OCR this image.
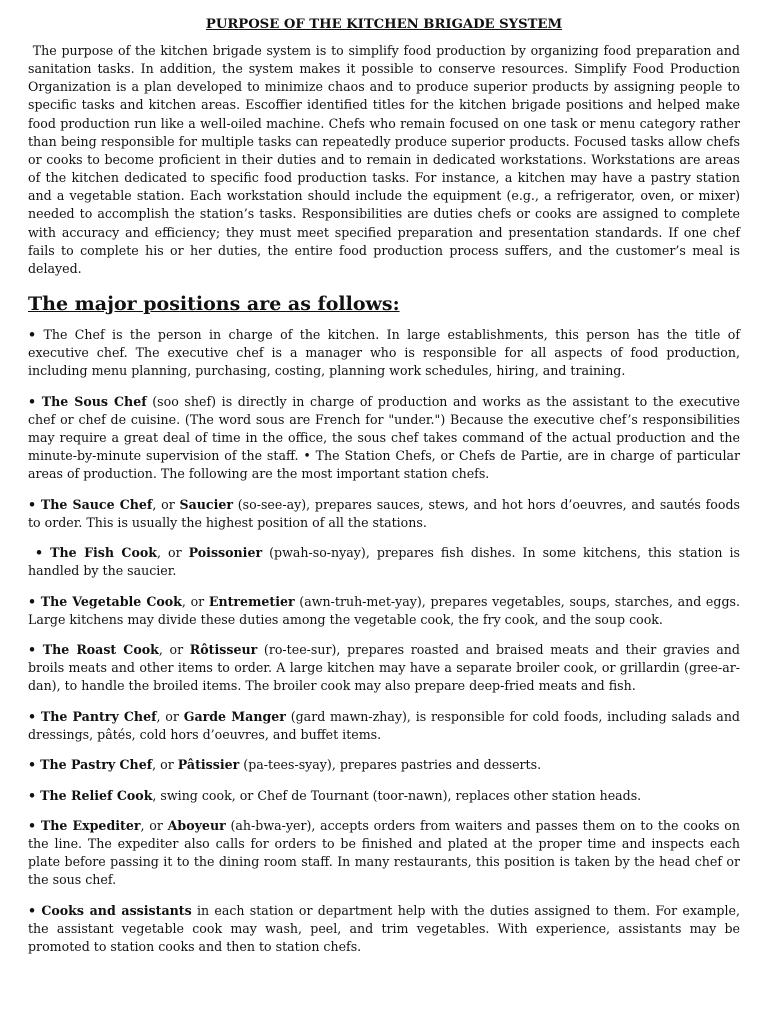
PURPOSE OF THE KITCHEN BRIGADE SYSTEM

The purpose of the kitchen brigade system is to simplify food production by organizing food preparation and sanitation tasks. In addition, the system makes it possible to conserve resources. Simplify Food Production Organization is a plan developed to minimize chaos and to produce superior products by assigning people to specific tasks and kitchen areas. Escoffier identified titles for the kitchen brigade positions and helped make food production run like a well-oiled machine. Chefs who remain focused on one task or menu category rather than being responsible for multiple tasks can repeatedly produce superior products. Focused tasks allow chefs or cooks to become proficient in their duties and to remain in dedicated workstations. Workstations are areas of the kitchen dedicated to specific food production tasks. For instance, a kitchen may have a pastry station and a vegetable station. Each workstation should include the equipment (e.g., a refrigerator, oven, or mixer) needed to accomplish the station’s tasks. Responsibilities are duties chefs or cooks are assigned to complete with accuracy and efficiency; they must meet specified preparation and presentation standards. If one chef fails to complete his or her duties, the entire food production process suffers, and the customer’s meal is delayed.

The major positions are as follows:

• The Chef is the person in charge of the kitchen. In large establishments, this person has the title of executive chef. The executive chef is a manager who is responsible for all aspects of food production, including menu planning, purchasing, costing, planning work schedules, hiring, and training.

• The Sous Chef (soo shef) is directly in charge of production and works as the assistant to the executive chef or chef de cuisine. (The word sous are French for "under.") Because the executive chef’s responsibilities may require a great deal of time in the office, the sous chef takes command of the actual production and the minute-by-minute supervision of the staff. • The Station Chefs, or Chefs de Partie, are in charge of particular areas of production. The following are the most important station chefs.

• The Sauce Chef, or Saucier (so-see-ay), prepares sauces, stews, and hot hors d’oeuvres, and sautés foods to order. This is usually the highest position of all the stations.

• The Fish Cook, or Poissonier (pwah-so-nyay), prepares fish dishes. In some kitchens, this station is handled by the saucier.

• The Vegetable Cook, or Entremetier (awn-truh-met-yay), prepares vegetables, soups, starches, and eggs. Large kitchens may divide these duties among the vegetable cook, the fry cook, and the soup cook.

• The Roast Cook, or Rôtisseur (ro-tee-sur), prepares roasted and braised meats and their gravies and broils meats and other items to order. A large kitchen may have a separate broiler cook, or grillardin (gree-ar-dan), to handle the broiled items. The broiler cook may also prepare deep-fried meats and fish.

• The Pantry Chef, or Garde Manger (gard mawn-zhay), is responsible for cold foods, including salads and dressings, pâtés, cold hors d’oeuvres, and buffet items.

• The Pastry Chef, or Pâtissier (pa-tees-syay), prepares pastries and desserts.

• The Relief Cook, swing cook, or Chef de Tournant (toor-nawn), replaces other station heads.

• The Expediter, or Aboyeur (ah-bwa-yer), accepts orders from waiters and passes them on to the cooks on the line. The expediter also calls for orders to be finished and plated at the proper time and inspects each plate before passing it to the dining room staff. In many restaurants, this position is taken by the head chef or the sous chef.

• Cooks and assistants in each station or department help with the duties assigned to them. For example, the assistant vegetable cook may wash, peel, and trim vegetables. With experience, assistants may be promoted to station cooks and then to station chefs.
